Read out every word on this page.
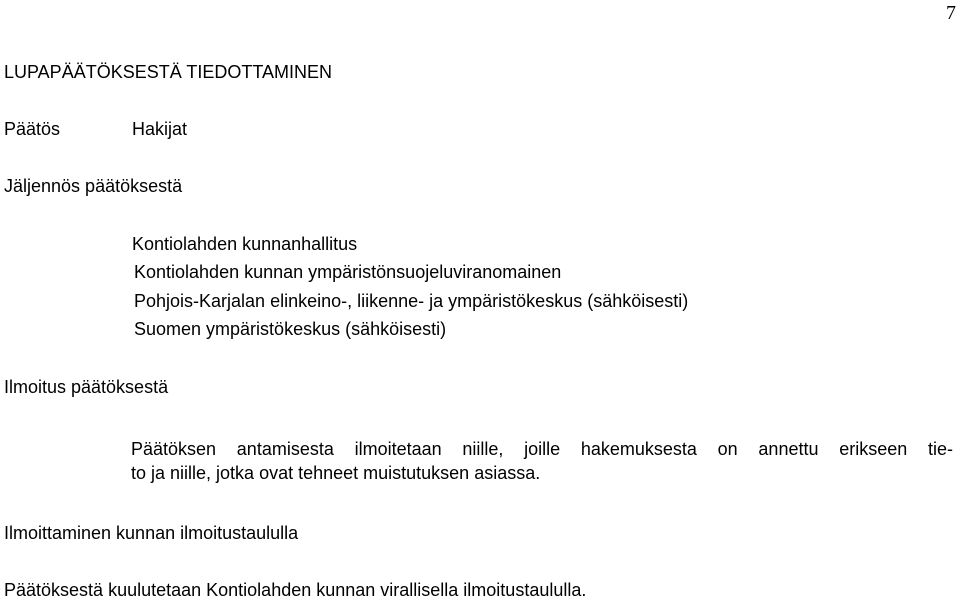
7
LUPAPÄÄTÖKSESTÄ TIEDOTTAMINEN
Päätös	Hakijat
Jäljennös päätöksestä
Kontiolahden kunnanhallitus
Kontiolahden kunnan ympäristönsuojeluviranomainen
Pohjois-Karjalan elinkeino-, liikenne- ja ympäristökeskus (sähköisesti)
Suomen ympäristökeskus (sähköisesti)
Ilmoitus päätöksestä
Päätöksen antamisesta ilmoitetaan niille, joille hakemuksesta on annettu erikseen tie-
to ja niille, jotka ovat tehneet muistutuksen asiassa.
Ilmoittaminen kunnan ilmoitustaululla
Päätöksestä kuulutetaan Kontiolahden kunnan virallisella ilmoitustaululla.
